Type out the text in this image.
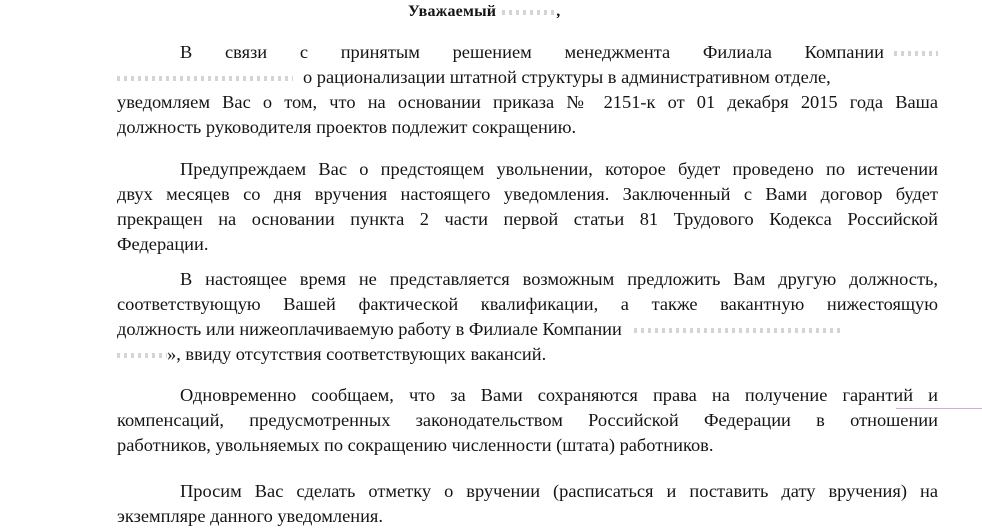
Уважаемый	,
В связи с принятым решением менеджмента Филиала Компании
о рационализации штатной структуры в административном отделе,
уведомляем Вас о том, что на основании приказа № 2151-к от 01 декабря 2015 года Ваша
должность руководителя проектов подлежит сокращению.
Предупреждаем Вас о предстоящем увольнении, которое будет проведено по истечении
двух месяцев со дня вручения настоящего уведомления. Заключенный с Вами договор будет
прекращен на основании пункта 2 части первой статьи 81 Трудового Кодекса Российской
Федерации.
В настоящее время не представляется возможным предложить Вам другую должность,
соответствующую Вашей фактической квалификации, а также вакантную нижестоящую
должность или нижеоплачиваемую работу в Филиале Компании
», ввиду отсутствия соответствующих вакансий.
Одновременно сообщаем, что за Вами сохраняются права на получение гарантий и
компенсаций, предусмотренных законодательством Российской Федерации в отношении
работников, увольняемых по сокращению численности (штата) работников.
Просим Вас сделать отметку о вручении (расписаться и поставить дату вручения) на
экземпляре данного уведомления.
